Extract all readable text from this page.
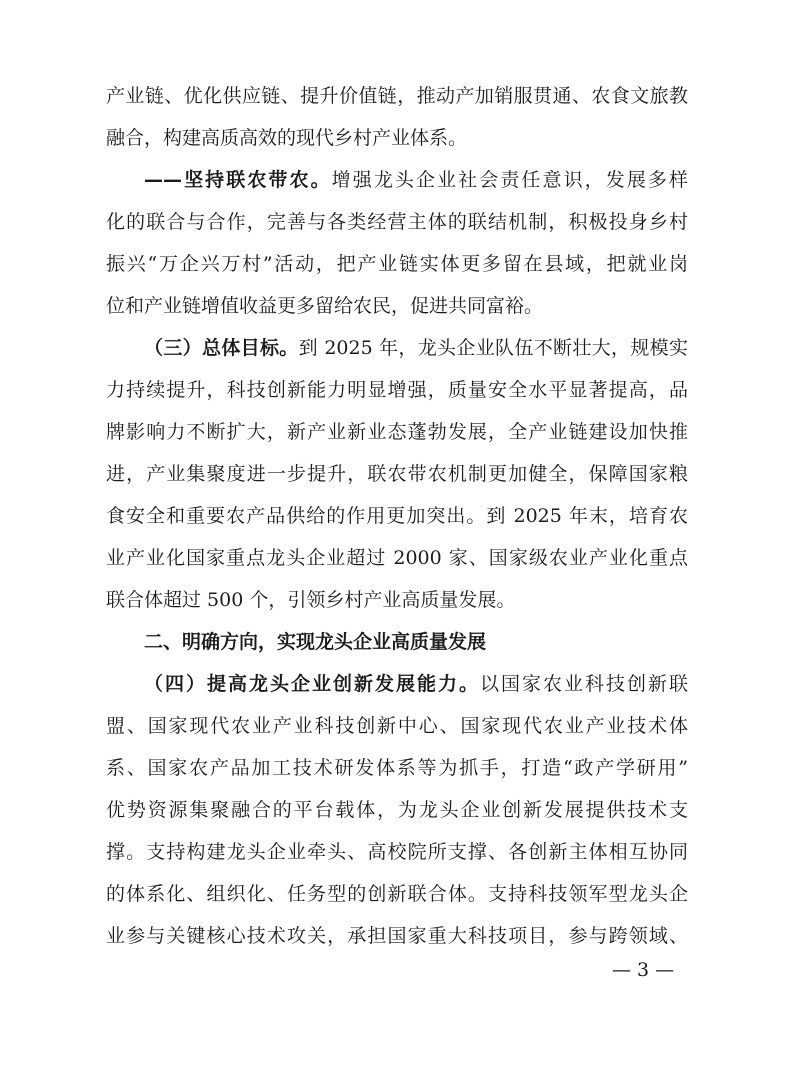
产业链、优化供应链、提升价值链，推动产加销服贯通、农食文旅教
融合，构建高质高效的现代乡村产业体系。
——坚持联农带农。增强龙头企业社会责任意识，发展多样
化的联合与合作，完善与各类经营主体的联结机制，积极投身乡村
振兴“万企兴万村”活动，把产业链实体更多留在县域，把就业岗
位和产业链增值收益更多留给农民，促进共同富裕。
（三）总体目标。到 2025 年，龙头企业队伍不断壮大，规模实
力持续提升，科技创新能力明显增强，质量安全水平显著提高，品
牌影响力不断扩大，新产业新业态蓬勃发展，全产业链建设加快推
进，产业集聚度进一步提升，联农带农机制更加健全，保障国家粮
食安全和重要农产品供给的作用更加突出。到 2025 年末，培育农
业产业化国家重点龙头企业超过 2000 家、国家级农业产业化重点
联合体超过 500 个，引领乡村产业高质量发展。
二、明确方向，实现龙头企业高质量发展
（四）提高龙头企业创新发展能力。以国家农业科技创新联
盟、国家现代农业产业科技创新中心、国家现代农业产业技术体
系、国家农产品加工技术研发体系等为抓手，打造“政产学研用”
优势资源集聚融合的平台载体，为龙头企业创新发展提供技术支
撑。支持构建龙头企业牵头、高校院所支撑、各创新主体相互协同
的体系化、组织化、任务型的创新联合体。支持科技领军型龙头企
业参与关键核心技术攻关，承担国家重大科技项目，参与跨领域、
— 3 —
